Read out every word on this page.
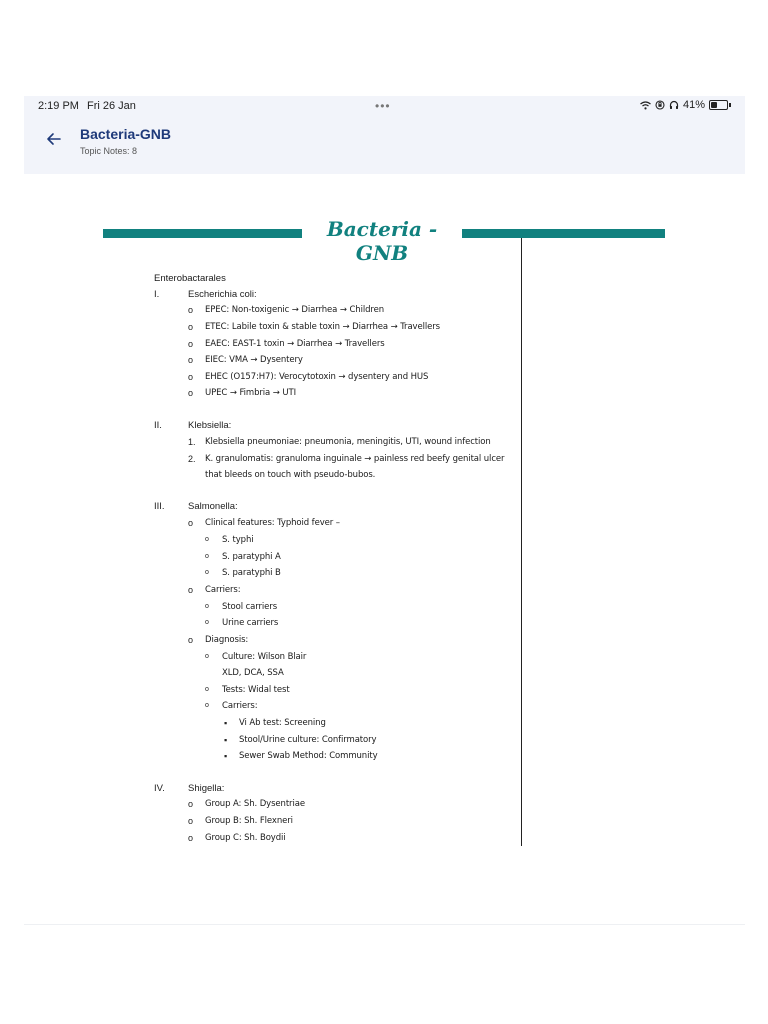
2:19 PM Fri 26 Jan	•••	41%
Bacteria-GNB
Topic Notes: 8
Bacteria - GNB
Enterobactarales
I.	Escherichia coli:
o EPEC: Non-toxigenic → Diarrhea → Children
o ETEC: Labile toxin & stable toxin → Diarrhea → Travellers
o EAEC: EAST-1 toxin → Diarrhea → Travellers
o EIEC: VMA → Dysentery
o EHEC (O157:H7): Verocytotoxin → dysentery and HUS
o UPEC → Fimbria → UTI
II.	Klebsiella:
1. Klebsiella pneumoniae: pneumonia, meningitis, UTI, wound infection
2. K. granulomatis: granuloma inguinale → painless red beefy genital ulcer
that bleeds on touch with pseudo-bubos.
III. Salmonella:
o Clinical features: Typhoid fever –
o S. typhi
o S. paratyphi A
o S. paratyphi B
o Carriers:
o Stool carriers
o Urine carriers
o Diagnosis:
o Culture: Wilson Blair
XLD, DCA, SSA
o Tests: Widal test
o Carriers:
▪ Vi Ab test: Screening
▪ Stool/Urine culture: Confirmatory
▪ Sewer Swab Method: Community
IV. Shigella:
o Group A: Sh. Dysentriae
o Group B: Sh. Flexneri
o Group C: Sh. Boydii
